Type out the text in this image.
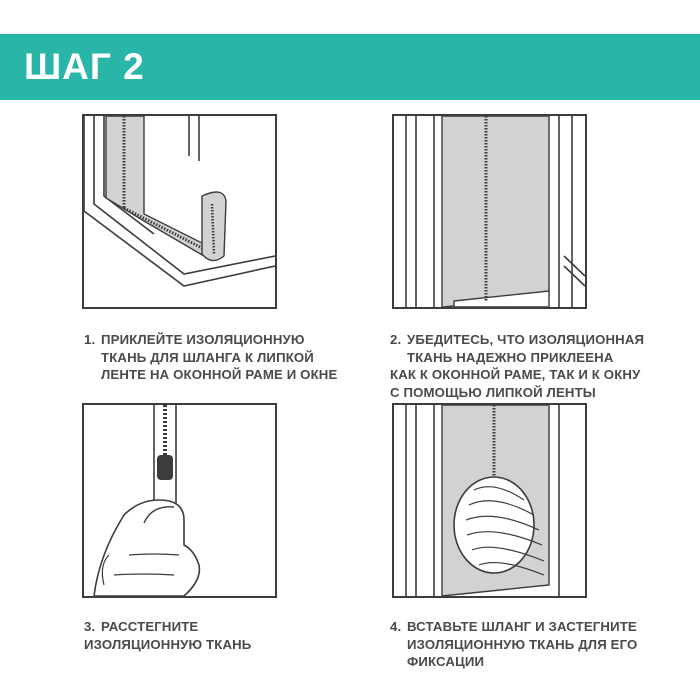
ШАГ 2
1. ПРИКЛЕЙТЕ ИЗОЛЯЦИОННУЮ
ТКАНЬ ДЛЯ ШЛАНГА К ЛИПКОЙ
ЛЕНТЕ НА ОКОННОЙ РАМЕ И ОКНЕ
2. УБЕДИТЕСЬ, ЧТО ИЗОЛЯЦИОННАЯ
ТКАНЬ НАДЕЖНО ПРИКЛЕЕНА
КАК К ОКОННОЙ РАМЕ, ТАК И К ОКНУ
С ПОМОЩЬЮ ЛИПКОЙ ЛЕНТЫ
3. РАССТЕГНИТЕ
ИЗОЛЯЦИОННУЮ ТКАНЬ
4. ВСТАВЬТЕ ШЛАНГ И ЗАСТЕГНИТЕ
ИЗОЛЯЦИОННУЮ ТКАНЬ ДЛЯ ЕГО
ФИКСАЦИИ
